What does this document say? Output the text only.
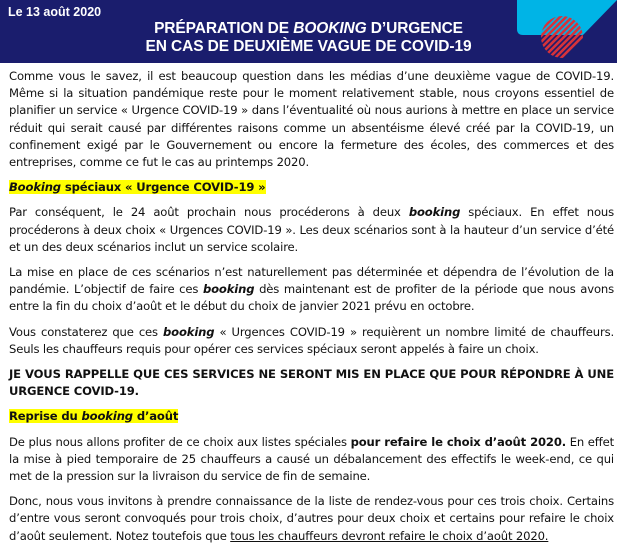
Le 13 août 2020
PRÉPARATION DE BOOKING D’URGENCE
EN CAS DE DEUXIÈME VAGUE DE COVID-19

Comme vous le savez, il est beaucoup question dans les médias d’une deuxième vague de COVID-19. Même si la situation pandémique reste pour le moment relativement stable, nous croyons essentiel de planifier un service « Urgence COVID-19 » dans l’éventualité où nous aurions à mettre en place un service réduit qui serait causé par différentes raisons comme un absentéisme élevé créé par la COVID-19, un confinement exigé par le Gouvernement ou encore la fermeture des écoles, des commerces et des entreprises, comme ce fut le cas au printemps 2020.

Booking spéciaux « Urgence COVID-19 »

Par conséquent, le 24 août prochain nous procéderons à deux booking spéciaux. En effet nous procéderons à deux choix « Urgences COVID-19 ». Les deux scénarios sont à la hauteur d’un service d’été et un des deux scénarios inclut un service scolaire.

La mise en place de ces scénarios n’est naturellement pas déterminée et dépendra de l’évolution de la pandémie. L’objectif de faire ces booking dès maintenant est de profiter de la période que nous avons entre la fin du choix d’août et le début du choix de janvier 2021 prévu en octobre.

Vous constaterez que ces booking « Urgences COVID-19 » requièrent un nombre limité de chauffeurs. Seuls les chauffeurs requis pour opérer ces services spéciaux seront appelés à faire un choix.

JE VOUS RAPPELLE QUE CES SERVICES NE SERONT MIS EN PLACE QUE POUR RÉPONDRE À UNE URGENCE COVID-19.

Reprise du booking d’août

De plus nous allons profiter de ce choix aux listes spéciales pour refaire le choix d’août 2020. En effet la mise à pied temporaire de 25 chauffeurs a causé un débalancement des effectifs le week-end, ce qui met de la pression sur la livraison du service de fin de semaine.

Donc, nous vous invitons à prendre connaissance de la liste de rendez-vous pour ces trois choix. Certains d’entre vous seront convoqués pour trois choix, d’autres pour deux choix et certains pour refaire le choix d’août seulement. Notez toutefois que tous les chauffeurs devront refaire le choix d’août 2020.
